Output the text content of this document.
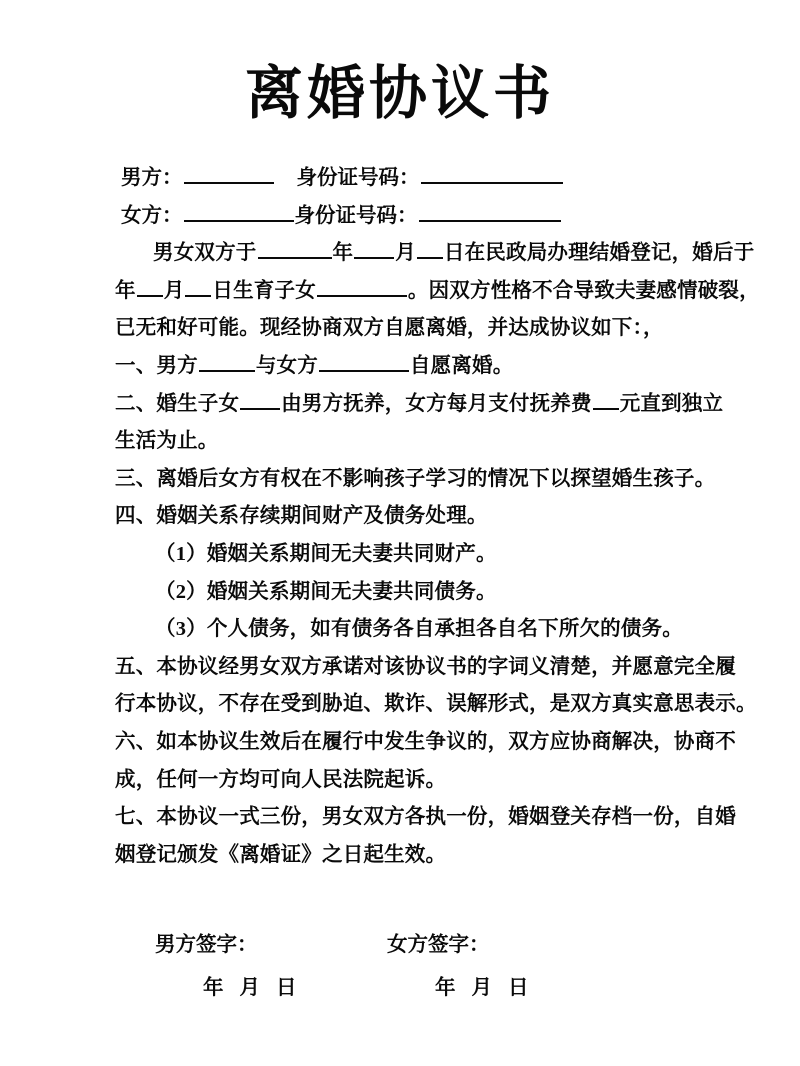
离婚协议书
男方：	身份证号码：
女方：	身份证号码：
男女双方于	年 月 日在民政局办理结婚登记，婚后于
年 月 日生育子女	。因双方性格不合导致夫妻感情破裂，
已无和好可能。现经协商双方自愿离婚，并达成协议如下：，
一、男方	与女方	自愿离婚。
二、婚生子女 由男方抚养，女方每月支付抚养费 元直到独立
生活为止。
三、离婚后女方有权在不影响孩子学习的情况下以探望婚生孩子。
四、婚姻关系存续期间财产及债务处理。
（1）婚姻关系期间无夫妻共同财产。
（2）婚姻关系期间无夫妻共同债务。
（3）个人债务，如有债务各自承担各自名下所欠的债务。
五、本协议经男女双方承诺对该协议书的字词义清楚，并愿意完全履
行本协议，不存在受到胁迫、欺诈、误解形式，是双方真实意思表示。
六、如本协议生效后在履行中发生争议的，双方应协商解决，协商不
成，任何一方均可向人民法院起诉。
七、本协议一式三份，男女双方各执一份，婚姻登关存档一份，自婚
姻登记颁发《离婚证》之日起生效。
男方签字：	女方签字：
年 月 日	年 月 日
